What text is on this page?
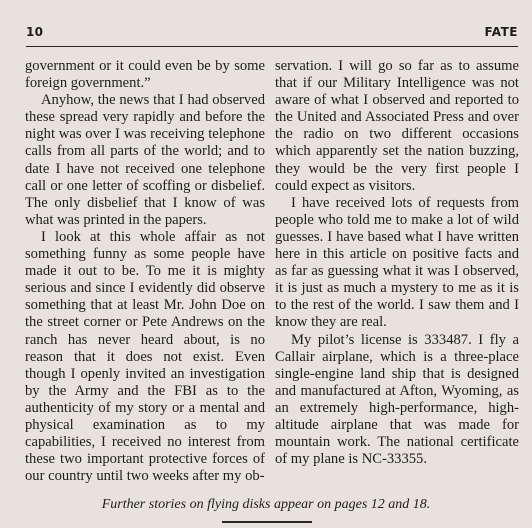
10	FATE

government or it could even be by some foreign government.”

Anyhow, the news that I had observed these spread very rapidly and before the night was over I was receiving telephone calls from all parts of the world; and to date I have not received one telephone call or one letter of scoffing or disbelief. The only disbelief that I know of was what was printed in the papers.

I look at this whole affair as not something funny as some people have made it out to be. To me it is mighty serious and since I evidently did observe something that at least Mr. John Doe on the street corner or Pete Andrews on the ranch has never heard about, is no reason that it does not exist. Even though I openly invited an investigation by the Army and the FBI as to the authenticity of my story or a mental and physical examination as to my capabilities, I received no interest from these two important protective forces of our country until two weeks after my ob-

servation. I will go so far as to assume that if our Military Intelligence was not aware of what I observed and reported to the United and Associated Press and over the radio on two different occasions which apparently set the nation buzzing, they would be the very first people I could expect as visitors.

I have received lots of requests from people who told me to make a lot of wild guesses. I have based what I have written here in this article on positive facts and as far as guessing what it was I observed, it is just as much a mystery to me as it is to the rest of the world. I saw them and I know they are real.

My pilot’s license is 333487. I fly a Callair airplane, which is a three-place single-engine land ship that is designed and manufactured at Afton, Wyoming, as an extremely high-performance, high-altitude airplane that was made for mountain work. The national certificate of my plane is NC-33355.

Further stories on flying disks appear on pages 12 and 18.
